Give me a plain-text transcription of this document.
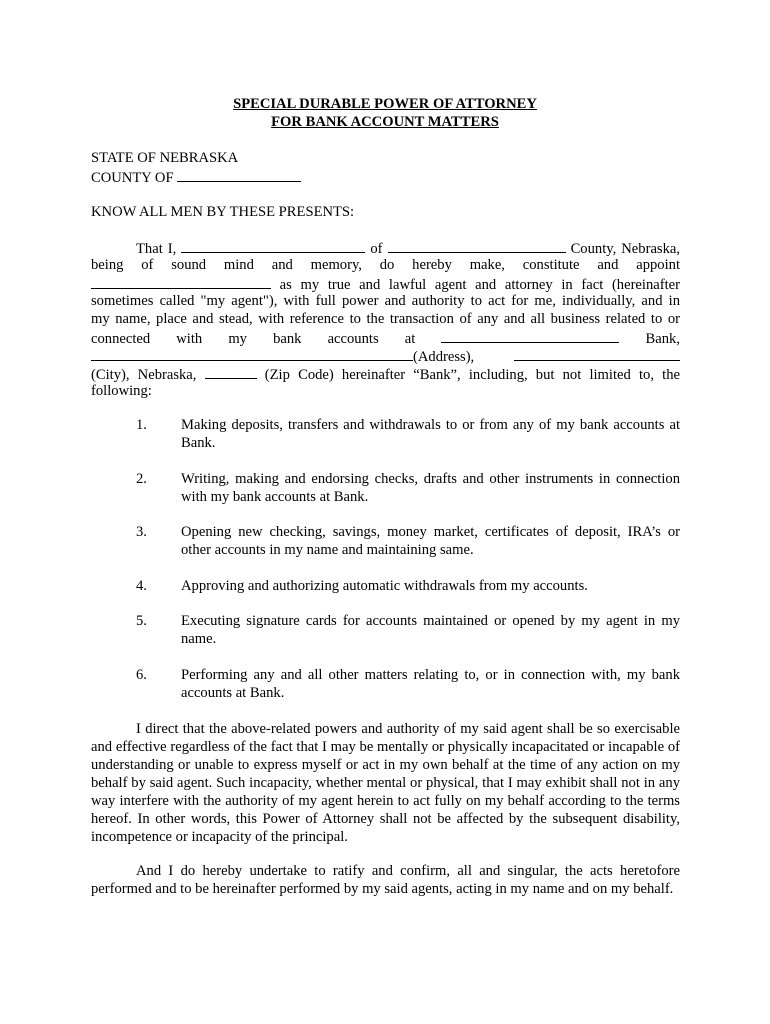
SPECIAL DURABLE POWER OF ATTORNEY
FOR BANK ACCOUNT MATTERS
STATE OF NEBRASKA
COUNTY OF
KNOW ALL MEN BY THESE PRESENTS:
That I,	of	County, Nebraska,
being of sound mind and memory, do hereby make, constitute and appoint
as my true and lawful agent and attorney in fact (hereinafter
sometimes called "my agent"), with full power and authority to act for me, individually, and in
my name, place and stead, with reference to the transaction of any and all business related to or
connected with my bank accounts at	Bank,
(Address),
(City), Nebraska,	(Zip Code) hereinafter “Bank”, including, but not limited to, the
following:
1. Making deposits, transfers and withdrawals to or from any of my bank accounts at Bank.
2. Writing, making and endorsing checks, drafts and other instruments in connection with my bank accounts at Bank.
3. Opening new checking, savings, money market, certificates of deposit, IRA’s or other accounts in my name and maintaining same.
4. Approving and authorizing automatic withdrawals from my accounts.
5. Executing signature cards for accounts maintained or opened by my agent in my name.
6. Performing any and all other matters relating to, or in connection with, my bank accounts at Bank.
I direct that the above-related powers and authority of my said agent shall be so exercisable and effective regardless of the fact that I may be mentally or physically incapacitated or incapable of understanding or unable to express myself or act in my own behalf at the time of any action on my behalf by said agent. Such incapacity, whether mental or physical, that I may exhibit shall not in any way interfere with the authority of my agent herein to act fully on my behalf according to the terms hereof. In other words, this Power of Attorney shall not be affected by the subsequent disability, incompetence or incapacity of the principal.
And I do hereby undertake to ratify and confirm, all and singular, the acts heretofore performed and to be hereinafter performed by my said agents, acting in my name and on my behalf.
